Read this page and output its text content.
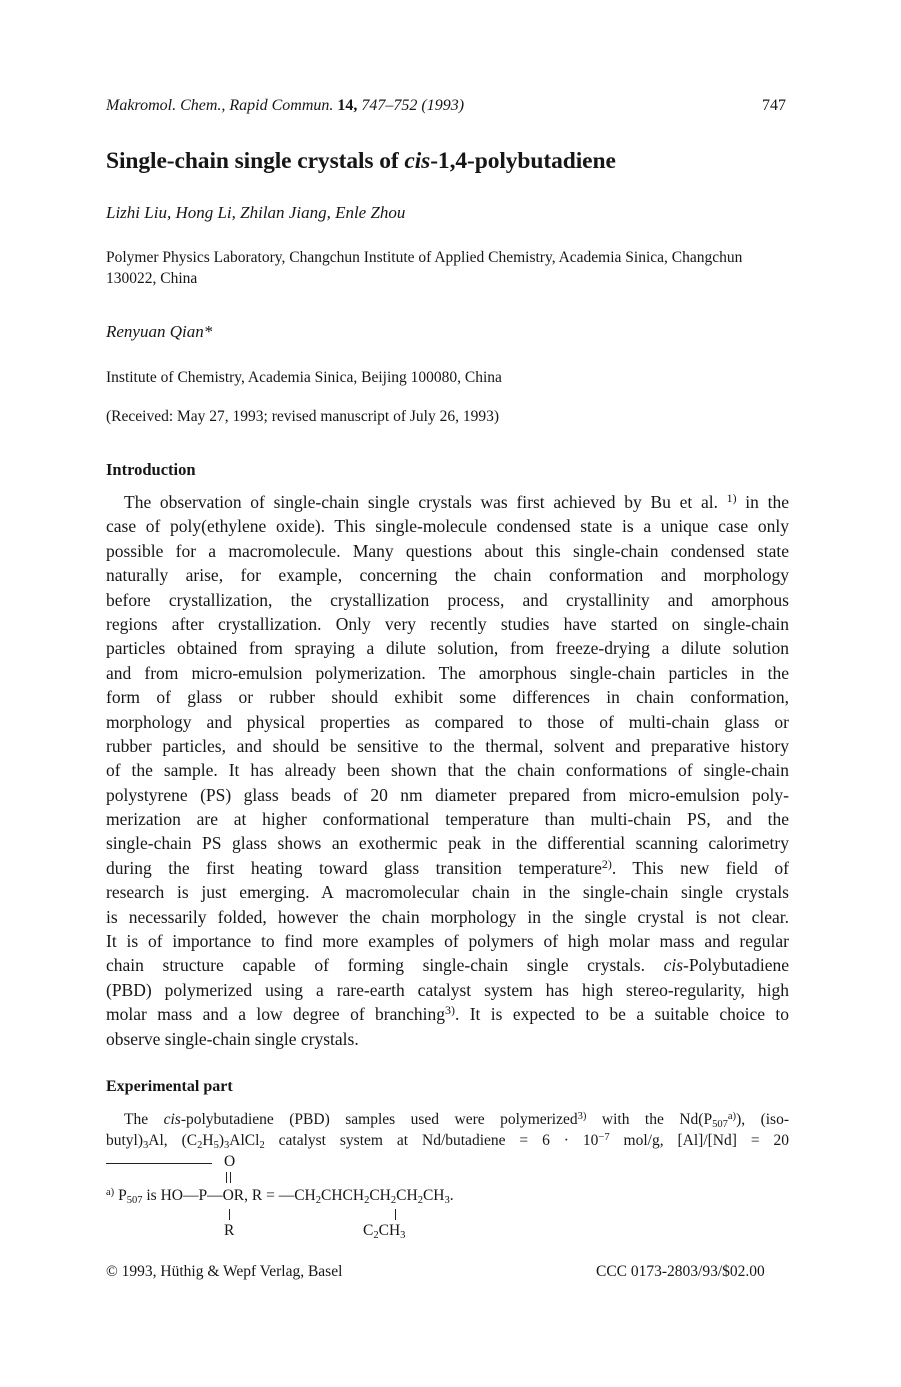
Makromol. Chem., Rapid Commun. 14, 747–752 (1993)	747
Single-chain single crystals of cis-1,4-polybutadiene
Lizhi Liu, Hong Li, Zhilan Jiang, Enle Zhou
Polymer Physics Laboratory, Changchun Institute of Applied Chemistry, Academia Sinica, Changchun 130022, China
Renyuan Qian*
Institute of Chemistry, Academia Sinica, Beijing 100080, China
(Received: May 27, 1993; revised manuscript of July 26, 1993)
Introduction
The observation of single-chain single crystals was first achieved by Bu et al. $^{1)}$ in the
case of poly(ethylene oxide). This single-molecule condensed state is a unique case only
possible for a macromolecule. Many questions about this single-chain condensed state
naturally arise, for example, concerning the chain conformation and morphology
before crystallization, the crystallization process, and crystallinity and amorphous
regions after crystallization. Only very recently studies have started on single-chain
particles obtained from spraying a dilute solution, from freeze-drying a dilute solution
and from micro-emulsion polymerization. The amorphous single-chain particles in the
form of glass or rubber should exhibit some differences in chain conformation,
morphology and physical properties as compared to those of multi-chain glass or
rubber particles, and should be sensitive to the thermal, solvent and preparative history
of the sample. It has already been shown that the chain conformations of single-chain
polystyrene (PS) glass beads of 20 nm diameter prepared from micro-emulsion poly-
merization are at higher conformational temperature than multi-chain PS, and the
single-chain PS glass shows an exothermic peak in the differential scanning calorimetry
during the first heating toward glass transition temperature$^{2)}$. This new field of
research is just emerging. A macromolecular chain in the single-chain single crystals
is necessarily folded, however the chain morphology in the single crystal is not clear.
It is of importance to find more examples of polymers of high molar mass and regular
chain structure capable of forming single-chain single crystals. cis-Polybutadiene
(PBD) polymerized using a rare-earth catalyst system has high stereo-regularity, high
molar mass and a low degree of branching$^{3)}$. It is expected to be a suitable choice to
observe single-chain single crystals.
Experimental part
The cis-polybutadiene (PBD) samples used were polymerized$^{3)}$ with the $Nd(P_{507}^{a)})$, (iso-
$butyl)_3Al$, $(C_2H_5)_3AlCl_2$ catalyst system at Nd/butadiene = $6 \cdot 10^{-7}$ mol/g, [Al]/[Nd] = 20
O
$^{a)}$ $P_{507}$ is HO—P—OR, $R = —CH_2CHCH_2CH_2CH_2CH_3$.
R	$C_2CH_3$
© 1993, Hüthig & Wepf Verlag, Basel	CCC 0173-2803/93/$02.00
